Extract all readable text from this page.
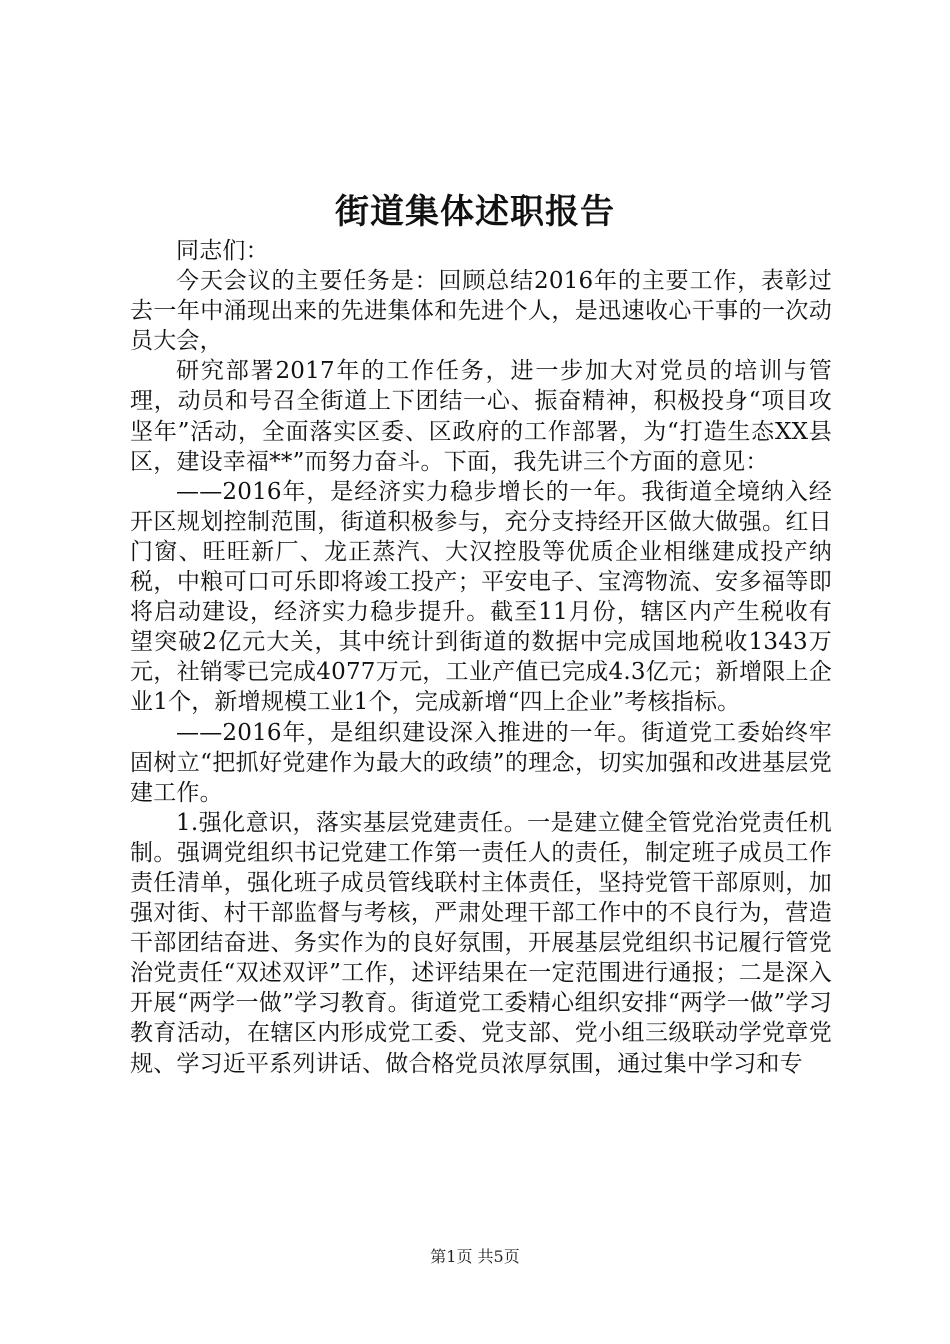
街道集体述职报告

同志们：

今天会议的主要任务是：回顾总结2016年的主要工作，表彰过去一年中涌现出来的先进集体和先进个人，是迅速收心干事的一次动员大会，

研究部署2017年的工作任务，进一步加大对党员的培训与管理，动员和号召全街道上下团结一心、振奋精神，积极投身“项目攻坚年”活动，全面落实区委、区政府的工作部署，为“打造生态XX县区，建设幸福**”而努力奋斗。下面，我先讲三个方面的意见：

——2016年，是经济实力稳步增长的一年。我街道全境纳入经开区规划控制范围，街道积极参与，充分支持经开区做大做强。红日门窗、旺旺新厂、龙正蒸汽、大汉控股等优质企业相继建成投产纳税，中粮可口可乐即将竣工投产；平安电子、宝湾物流、安多福等即将启动建设，经济实力稳步提升。截至11月份，辖区内产生税收有望突破2亿元大关，其中统计到街道的数据中完成国地税收1343万元，社销零已完成4077万元，工业产值已完成4.3亿元；新增限上企业1个，新增规模工业1个，完成新增“四上企业”考核指标。

——2016年，是组织建设深入推进的一年。街道党工委始终牢固树立“把抓好党建作为最大的政绩”的理念，切实加强和改进基层党建工作。

1.强化意识，落实基层党建责任。一是建立健全管党治党责任机制。强调党组织书记党建工作第一责任人的责任，制定班子成员工作责任清单，强化班子成员管线联村主体责任，坚持党管干部原则，加强对街、村干部监督与考核，严肃处理干部工作中的不良行为，营造干部团结奋进、务实作为的良好氛围，开展基层党组织书记履行管党治党责任“双述双评”工作，述评结果在一定范围进行通报；二是深入开展“两学一做”学习教育。街道党工委精心组织安排“两学一做”学习教育活动，在辖区内形成党工委、党支部、党小组三级联动学党章党规、学习近平系列讲话、做合格党员浓厚氛围，通过集中学习和专

第1页 共5页
